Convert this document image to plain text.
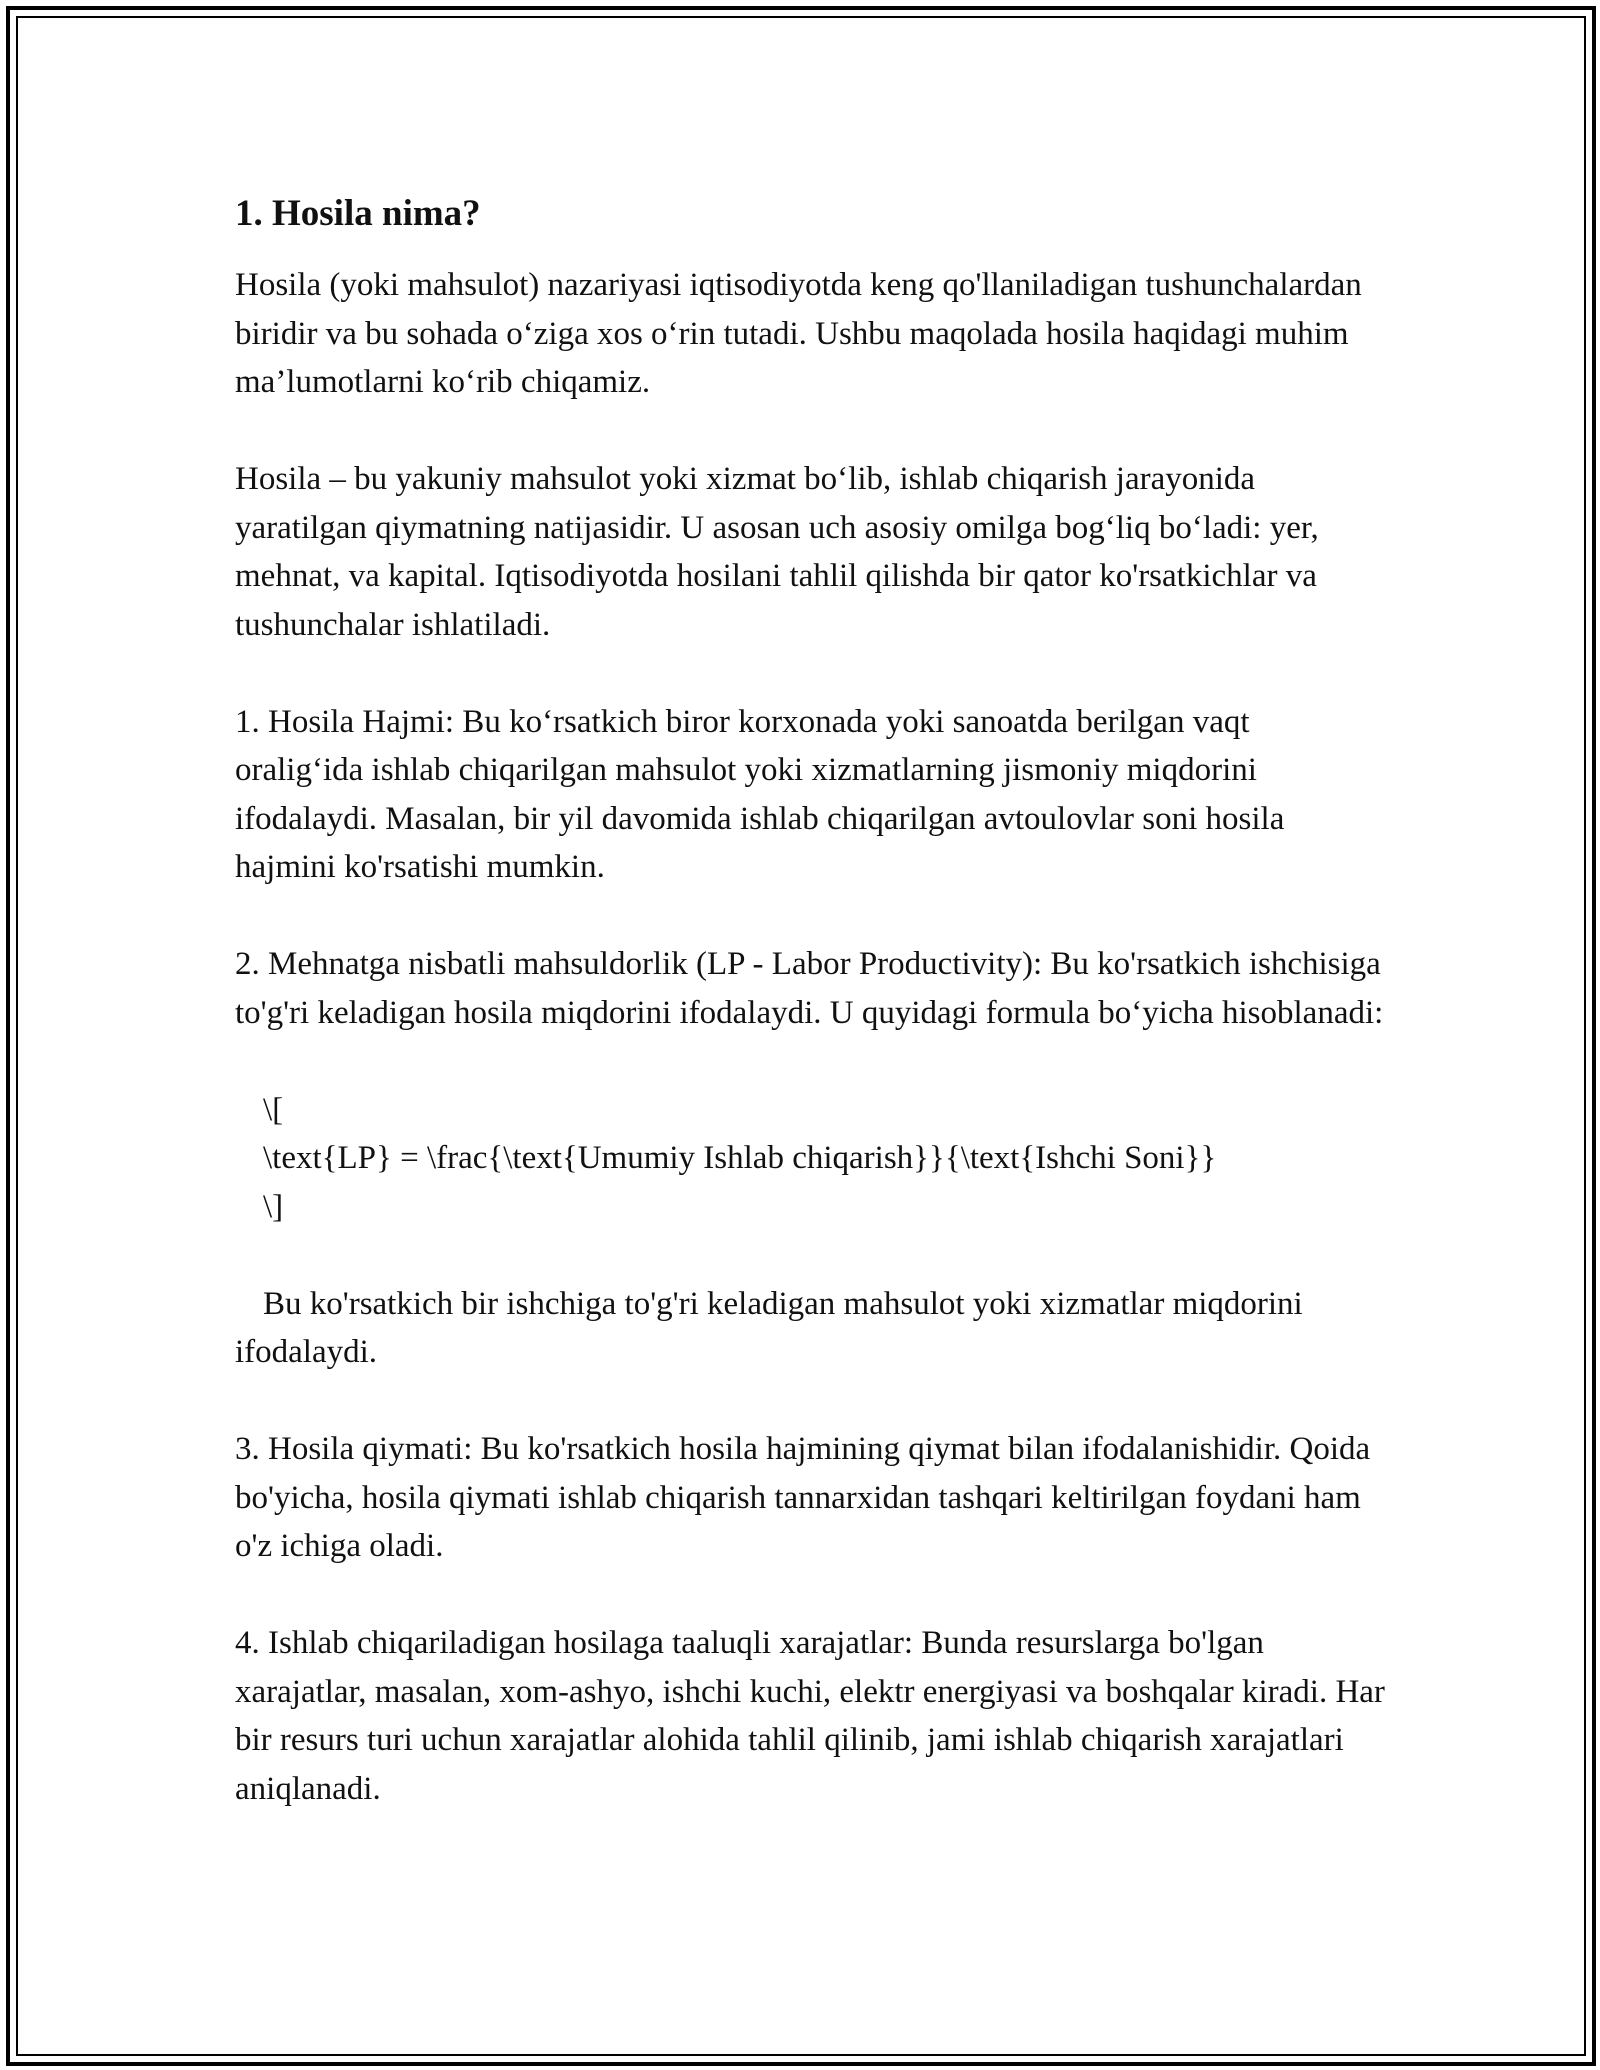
1. Hosila nima?

Hosila (yoki mahsulot) nazariyasi iqtisodiyotda keng qo'llaniladigan tushunchalardan biridir va bu sohada o‘ziga xos o‘rin tutadi. Ushbu maqolada hosila haqidagi muhim ma’lumotlarni ko‘rib chiqamiz.

Hosila – bu yakuniy mahsulot yoki xizmat bo‘lib, ishlab chiqarish jarayonida yaratilgan qiymatning natijasidir. U asosan uch asosiy omilga bog‘liq bo‘ladi: yer, mehnat, va kapital. Iqtisodiyotda hosilani tahlil qilishda bir qator ko'rsatkichlar va tushunchalar ishlatiladi.

1. Hosila Hajmi: Bu ko‘rsatkich biror korxonada yoki sanoatda berilgan vaqt oralig‘ida ishlab chiqarilgan mahsulot yoki xizmatlarning jismoniy miqdorini ifodalaydi. Masalan, bir yil davomida ishlab chiqarilgan avtoulovlar soni hosila hajmini ko'rsatishi mumkin.

2. Mehnatga nisbatli mahsuldorlik (LP - Labor Productivity): Bu ko'rsatkich ishchisiga to'g'ri keladigan hosila miqdorini ifodalaydi. U quyidagi formula bo‘yicha hisoblanadi:

\[
\text{LP} = \frac{\text{Umumiy Ishlab chiqarish}}{\text{Ishchi Soni}}
\]

Bu ko'rsatkich bir ishchiga to'g'ri keladigan mahsulot yoki xizmatlar miqdorini ifodalaydi.

3. Hosila qiymati: Bu ko'rsatkich hosila hajmining qiymat bilan ifodalanishidir. Qoida bo'yicha, hosila qiymati ishlab chiqarish tannarxidan tashqari keltirilgan foydani ham o'z ichiga oladi.

4. Ishlab chiqariladigan hosilaga taaluqli xarajatlar: Bunda resurslarga bo'lgan xarajatlar, masalan, xom-ashyo, ishchi kuchi, elektr energiyasi va boshqalar kiradi. Har bir resurs turi uchun xarajatlar alohida tahlil qilinib, jami ishlab chiqarish xarajatlari aniqlanadi.
